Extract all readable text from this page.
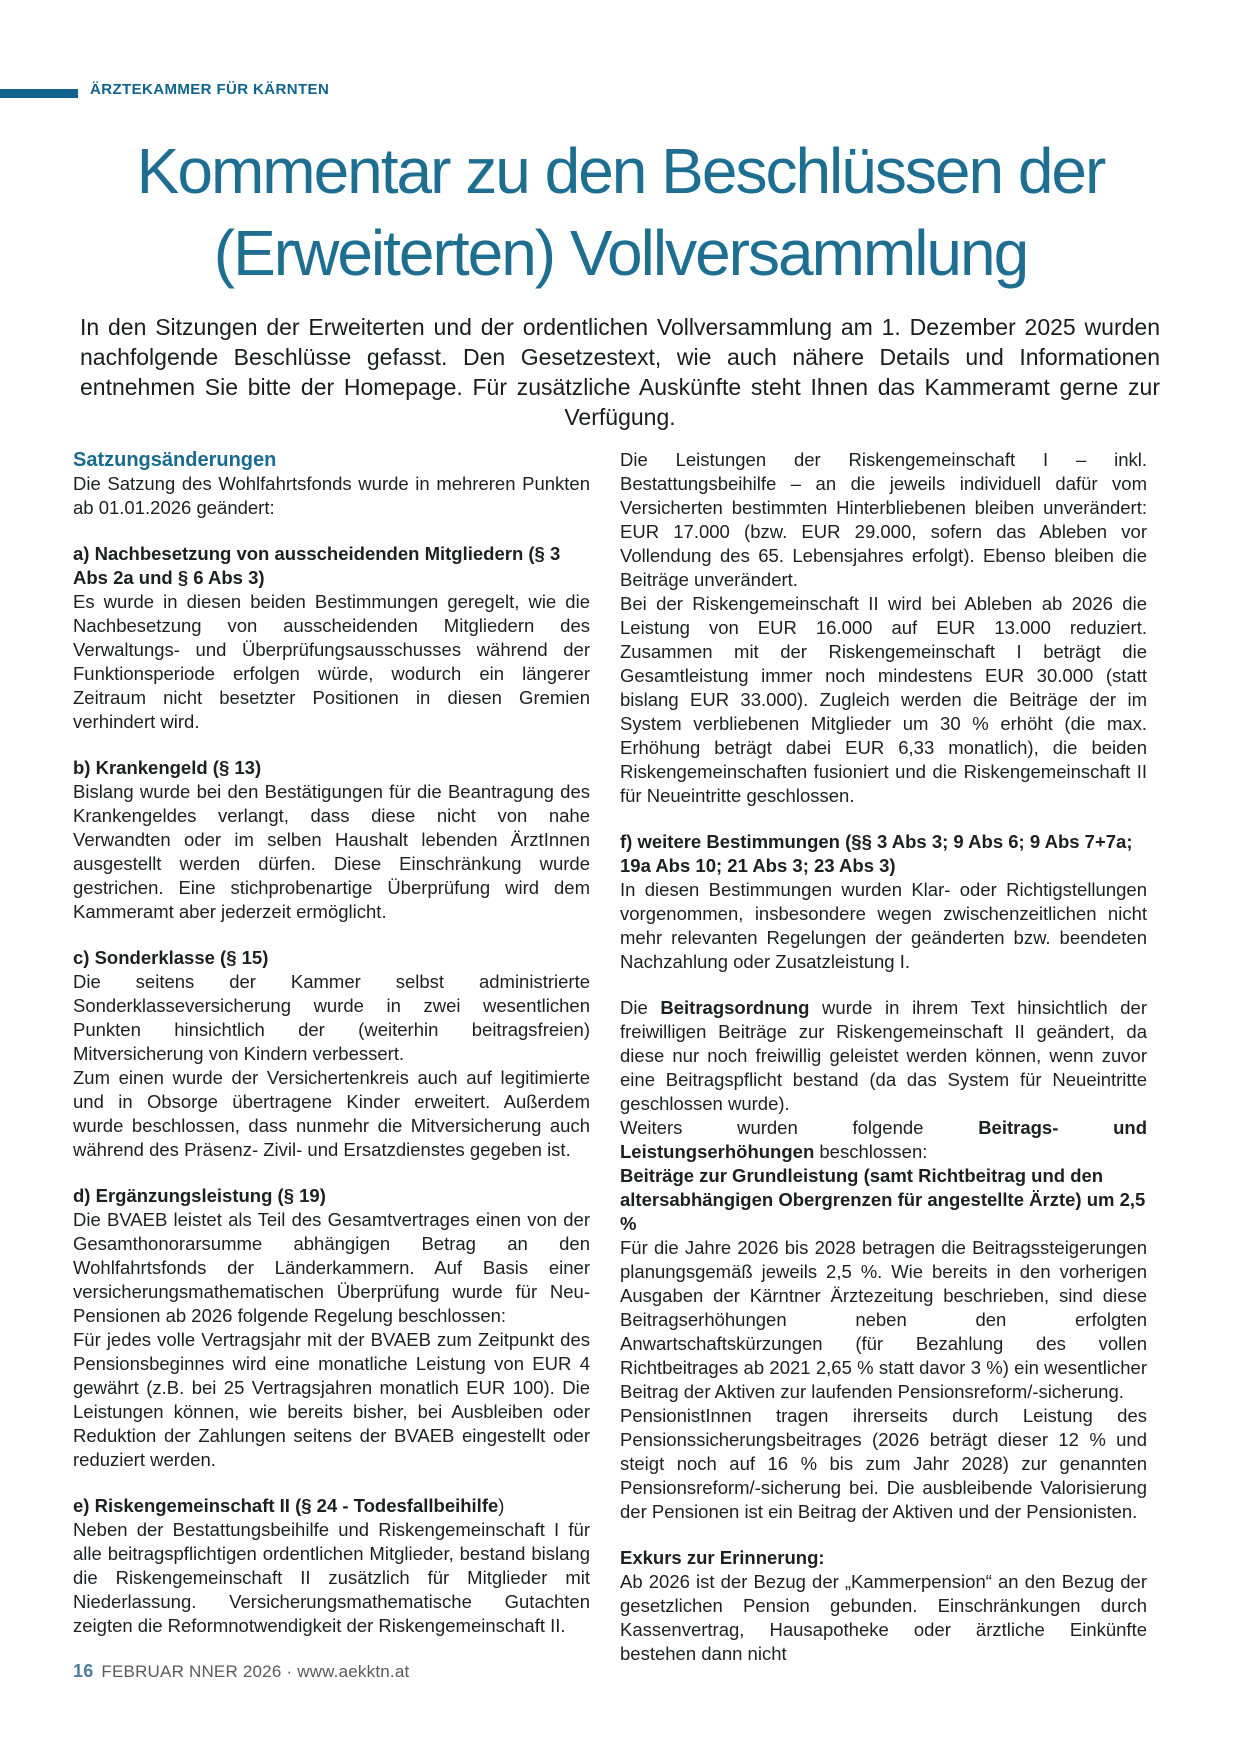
ÄRZTEKAMMER FÜR KÄRNTEN
Kommentar zu den Beschlüssen der
(Erweiterten) Vollversammlung
In den Sitzungen der Erweiterten und der ordentlichen Vollversammlung am 1. Dezember 2025 wurden nachfolgende Beschlüsse gefasst. Den Gesetzestext, wie auch nähere Details und Informationen entnehmen Sie bitte der Homepage. Für zusätzliche Auskünfte steht Ihnen das Kammeramt gerne zur Verfügung.
Satzungsänderungen
Die Satzung des Wohlfahrtsfonds wurde in mehreren Punkten ab 01.01.2026 geändert:
a) Nachbesetzung von ausscheidenden Mitgliedern (§ 3 Abs 2a und § 6 Abs 3)
Es wurde in diesen beiden Bestimmungen geregelt, wie die Nachbesetzung von ausscheidenden Mitgliedern des Verwaltungs- und Überprüfungsausschusses während der Funktionsperiode erfolgen würde, wodurch ein längerer Zeitraum nicht besetzter Positionen in diesen Gremien verhindert wird.
b) Krankengeld (§ 13)
Bislang wurde bei den Bestätigungen für die Beantragung des Krankengeldes verlangt, dass diese nicht von nahe Verwandten oder im selben Haushalt lebenden ÄrztInnen ausgestellt werden dürfen. Diese Einschränkung wurde gestrichen. Eine stichprobenartige Überprüfung wird dem Kammeramt aber jederzeit ermöglicht.
c) Sonderklasse (§ 15)
Die seitens der Kammer selbst administrierte Sonderklasseversicherung wurde in zwei wesentlichen Punkten hinsichtlich der (weiterhin beitragsfreien) Mitversicherung von Kindern verbessert.
Zum einen wurde der Versichertenkreis auch auf legitimierte und in Obsorge übertragene Kinder erweitert. Außerdem wurde beschlossen, dass nunmehr die Mitversicherung auch während des Präsenz- Zivil- und Ersatzdienstes gegeben ist.
d) Ergänzungsleistung (§ 19)
Die BVAEB leistet als Teil des Gesamtvertrages einen von der Gesamthonorarsumme abhängigen Betrag an den Wohlfahrtsfonds der Länderkammern. Auf Basis einer versicherungsmathematischen Überprüfung wurde für Neu-Pensionen ab 2026 folgende Regelung beschlossen:
Für jedes volle Vertragsjahr mit der BVAEB zum Zeitpunkt des Pensionsbeginnes wird eine monatliche Leistung von EUR 4 gewährt (z.B. bei 25 Vertragsjahren monatlich EUR 100). Die Leistungen können, wie bereits bisher, bei Ausbleiben oder Reduktion der Zahlungen seitens der BVAEB eingestellt oder reduziert werden.
e) Riskengemeinschaft II (§ 24 - Todesfallbeihilfe)
Neben der Bestattungsbeihilfe und Riskengemeinschaft I für alle beitragspflichtigen ordentlichen Mitglieder, bestand bislang die Riskengemeinschaft II zusätzlich für Mitglieder mit Niederlassung. Versicherungsmathematische Gutachten zeigten die Reformnotwendigkeit der Riskengemeinschaft II.
Die Leistungen der Riskengemeinschaft I – inkl. Bestattungsbeihilfe – an die jeweils individuell dafür vom Versicherten bestimmten Hinterbliebenen bleiben unverändert: EUR 17.000 (bzw. EUR 29.000, sofern das Ableben vor Vollendung des 65. Lebensjahres erfolgt). Ebenso bleiben die Beiträge unverändert.
Bei der Riskengemeinschaft II wird bei Ableben ab 2026 die Leistung von EUR 16.000 auf EUR 13.000 reduziert. Zusammen mit der Riskengemeinschaft I beträgt die Gesamtleistung immer noch mindestens EUR 30.000 (statt bislang EUR 33.000). Zugleich werden die Beiträge der im System verbliebenen Mitglieder um 30 % erhöht (die max. Erhöhung beträgt dabei EUR 6,33 monatlich), die beiden Riskengemeinschaften fusioniert und die Riskengemeinschaft II für Neueintritte geschlossen.
f) weitere Bestimmungen (§§ 3 Abs 3; 9 Abs 6; 9 Abs 7+7a; 19a Abs 10; 21 Abs 3; 23 Abs 3)
In diesen Bestimmungen wurden Klar- oder Richtigstellungen vorgenommen, insbesondere wegen zwischenzeitlichen nicht mehr relevanten Regelungen der geänderten bzw. beendeten Nachzahlung oder Zusatzleistung I.
Die Beitragsordnung wurde in ihrem Text hinsichtlich der freiwilligen Beiträge zur Riskengemeinschaft II geändert, da diese nur noch freiwillig geleistet werden können, wenn zuvor eine Beitragspflicht bestand (da das System für Neueintritte geschlossen wurde).
Weiters wurden folgende Beitrags- und Leistungserhöhungen beschlossen:
Beiträge zur Grundleistung (samt Richtbeitrag und den altersabhängigen Obergrenzen für angestellte Ärzte) um 2,5 %
Für die Jahre 2026 bis 2028 betragen die Beitragssteigerungen planungsgemäß jeweils 2,5 %. Wie bereits in den vorherigen Ausgaben der Kärntner Ärztezeitung beschrieben, sind diese Beitragserhöhungen neben den erfolgten Anwartschaftskürzungen (für Bezahlung des vollen Richtbeitrages ab 2021 2,65 % statt davor 3 %) ein wesentlicher Beitrag der Aktiven zur laufenden Pensionsreform/-sicherung.
PensionistInnen tragen ihrerseits durch Leistung des Pensionssicherungsbeitrages (2026 beträgt dieser 12 % und steigt noch auf 16 % bis zum Jahr 2028) zur genannten Pensionsreform/-sicherung bei. Die ausbleibende Valorisierung der Pensionen ist ein Beitrag der Aktiven und der Pensionisten.
Exkurs zur Erinnerung:
Ab 2026 ist der Bezug der „Kammerpension“ an den Bezug der gesetzlichen Pension gebunden. Einschränkungen durch Kassenvertrag, Hausapotheke oder ärztliche Einkünfte bestehen dann nicht
16 FEBRUAR NNER 2026 · www.aekktn.at
